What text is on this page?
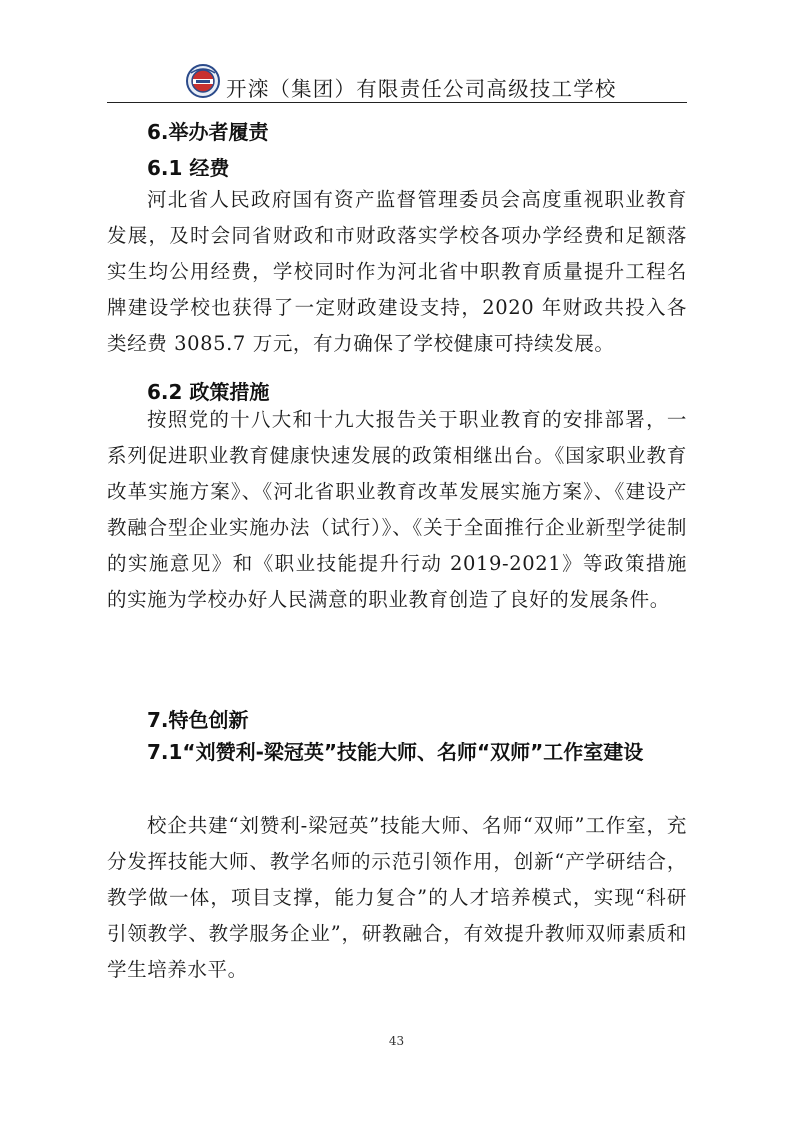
开滦（集团）有限责任公司高级技工学校
6.举办者履责
6.1 经费
河北省人民政府国有资产监督管理委员会高度重视职业教育发展，及时会同省财政和市财政落实学校各项办学经费和足额落实生均公用经费，学校同时作为河北省中职教育质量提升工程名牌建设学校也获得了一定财政建设支持，2020 年财政共投入各类经费 3085.7 万元，有力确保了学校健康可持续发展。
6.2 政策措施
按照党的十八大和十九大报告关于职业教育的安排部署，一系列促进职业教育健康快速发展的政策相继出台。《国家职业教育改革实施方案》、《河北省职业教育改革发展实施方案》、《建设产教融合型企业实施办法（试行）》、《关于全面推行企业新型学徒制的实施意见》和《职业技能提升行动 2019-2021》等政策措施的实施为学校办好人民满意的职业教育创造了良好的发展条件。
7.特色创新
7.1“刘赞利-梁冠英”技能大师、名师“双师”工作室建设
校企共建“刘赞利-梁冠英”技能大师、名师“双师”工作室，充分发挥技能大师、教学名师的示范引领作用，创新“产学研结合，教学做一体，项目支撑，能力复合”的人才培养模式，实现“科研引领教学、教学服务企业”，研教融合，有效提升教师双师素质和学生培养水平。
43
